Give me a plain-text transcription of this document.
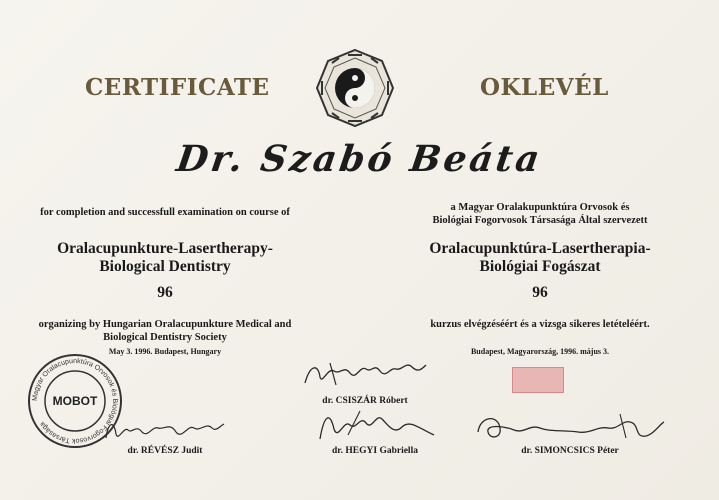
CERTIFICATE	OKLEVÉL
Dr. Szabó Beáta
for completion and successfull examination on course of
Oralacupunkture-Lasertherapy-
Biological Dentistry
96
organizing by Hungarian Oralacupunkture Medical and
Biological Dentistry Society
May 3. 1996. Budapest, Hungary
a Magyar Oralakupunktúra Orvosok és
Biológiai Fogorvosok Társasága Által szervezett
Oralacupunktúra-Lasertherapia-
Biológiai Fogászat
96
kurzus elvégzéséért és a vizsga sikeres letételéért.
Budapest, Magyarország, 1996. május 3.
Magyar Oralacupunktúra Orvosok és Biológiai Fogorvosok Társasága
MOBOT	dr. CSISZÁR Róbert
dr. RÉVÉSZ Judit	dr. HEGYI Gabriella	dr. SIMONCSICS Péter
